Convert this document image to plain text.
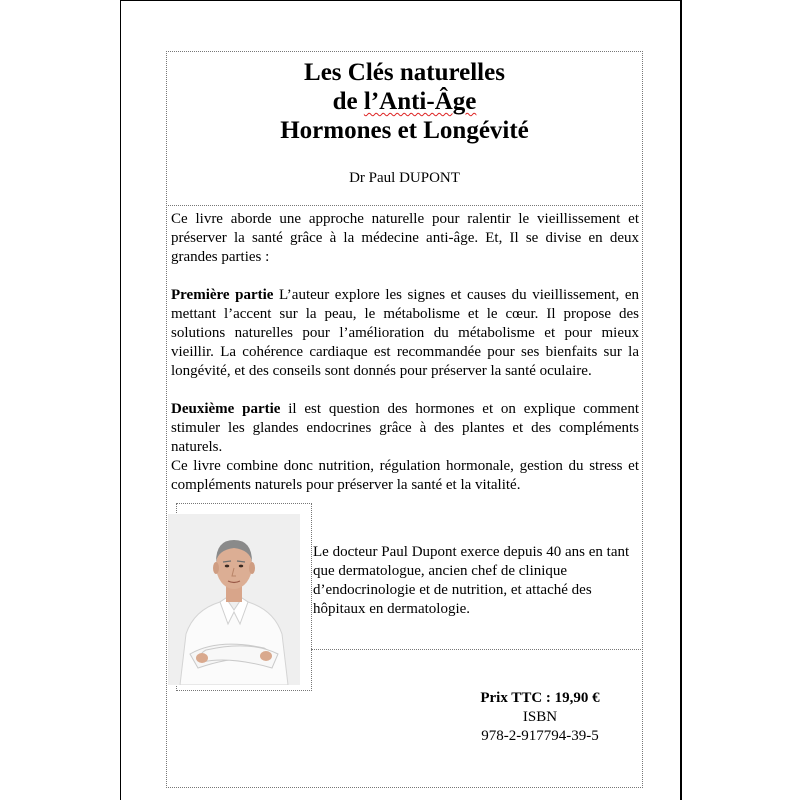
Les Clés naturelles
de l’Anti-Âge
Hormones et Longévité
Dr Paul DUPONT

Ce livre aborde une approche naturelle pour ralentir le vieillissement et préserver la santé grâce à la médecine anti-âge. Et, Il se divise en deux grandes parties :

Première partie L’auteur explore les signes et causes du vieillissement, en mettant l’accent sur la peau, le métabolisme et le cœur. Il propose des solutions naturelles pour l’amélioration du métabolisme et pour mieux vieillir. La cohérence cardiaque est recommandée pour ses bienfaits sur la longévité, et des conseils sont donnés pour préserver la santé oculaire.

Deuxième partie il est question des hormones et on explique comment stimuler les glandes endocrines grâce à des plantes et des compléments naturels.

Ce livre combine donc nutrition, régulation hormonale, gestion du stress et compléments naturels pour préserver la santé et la vitalité.

Le docteur Paul Dupont exerce depuis 40 ans en tant que dermatologue, ancien chef de clinique d’endocrinologie et de nutrition, et attaché des hôpitaux en dermatologie.
Prix TTC : 19,90 €
ISBN
978-2-917794-39-5
